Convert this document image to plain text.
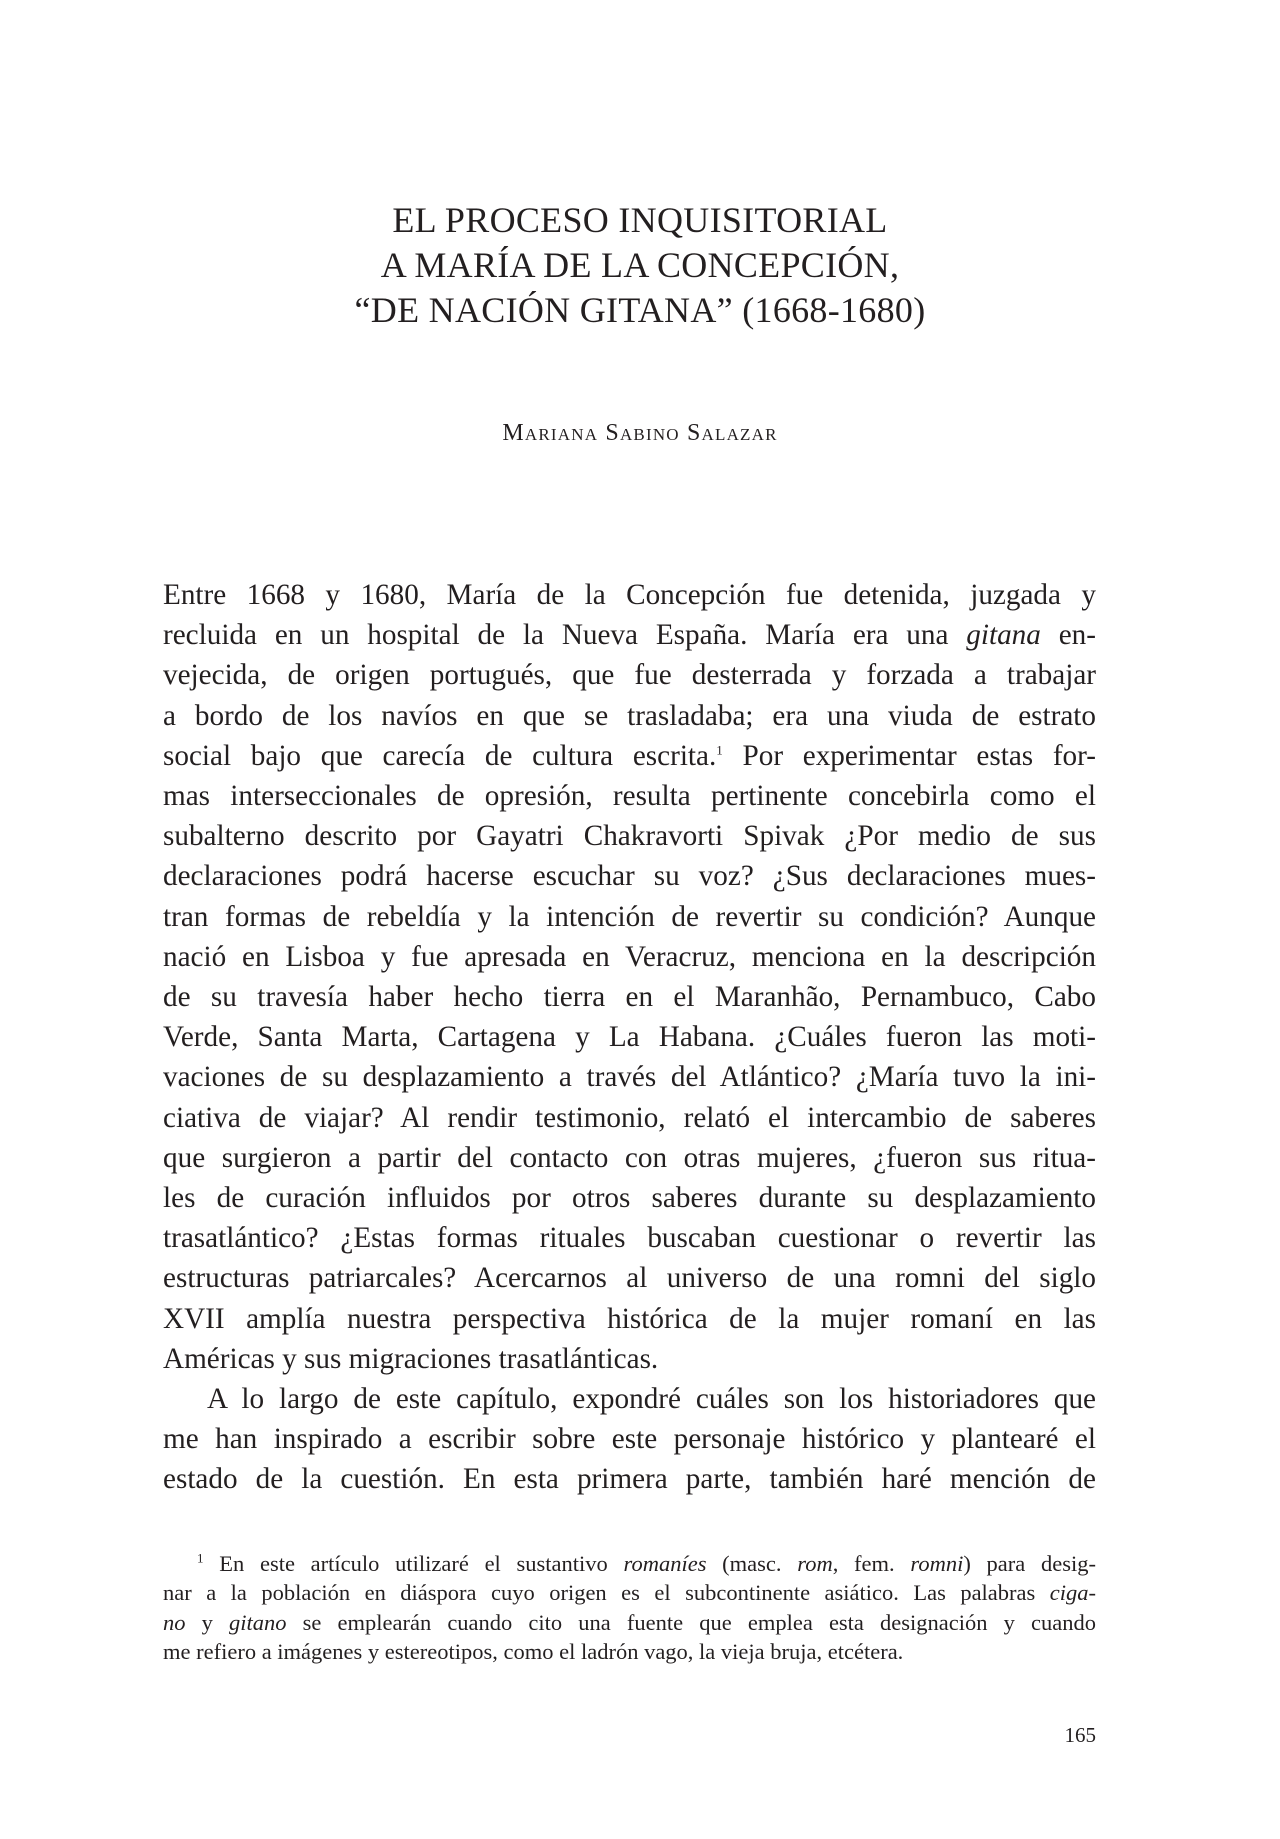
EL PROCESO INQUISITORIAL
A MARÍA DE LA CONCEPCIÓN,
“DE NACIÓN GITANA” (1668-1680)
Mariana Sabino Salazar
Entre 1668 y 1680, María de la Concepción fue detenida, juzgada y
recluida en un hospital de la Nueva España. María era una gitana en-
vejecida, de origen portugués, que fue desterrada y forzada a trabajar
a bordo de los navíos en que se trasladaba; era una viuda de estrato
social bajo que carecía de cultura escrita.$^1$ Por experimentar estas for-
mas interseccionales de opresión, resulta pertinente concebirla como el
subalterno descrito por Gayatri Chakravorti Spivak ¿Por medio de sus
declaraciones podrá hacerse escuchar su voz? ¿Sus declaraciones mues-
tran formas de rebeldía y la intención de revertir su condición? Aunque
nació en Lisboa y fue apresada en Veracruz, menciona en la descripción
de su travesía haber hecho tierra en el Maranhão, Pernambuco, Cabo
Verde, Santa Marta, Cartagena y La Habana. ¿Cuáles fueron las moti-
vaciones de su desplazamiento a través del Atlántico? ¿María tuvo la ini-
ciativa de viajar? Al rendir testimonio, relató el intercambio de saberes
que surgieron a partir del contacto con otras mujeres, ¿fueron sus ritua-
les de curación influidos por otros saberes durante su desplazamiento
trasatlántico? ¿Estas formas rituales buscaban cuestionar o revertir las
estructuras patriarcales? Acercarnos al universo de una romni del siglo
XVII amplía nuestra perspectiva histórica de la mujer romaní en las
Américas y sus migraciones trasatlánticas.
A lo largo de este capítulo, expondré cuáles son los historiadores que
me han inspirado a escribir sobre este personaje histórico y plantearé el
estado de la cuestión. En esta primera parte, también haré mención de
$^1$ En este artículo utilizaré el sustantivo romaníes (masc. rom, fem. romni) para desig-
nar a la población en diáspora cuyo origen es el subcontinente asiático. Las palabras ciga-
no y gitano se emplearán cuando cito una fuente que emplea esta designación y cuando
me refiero a imágenes y estereotipos, como el ladrón vago, la vieja bruja, etcétera.
165
